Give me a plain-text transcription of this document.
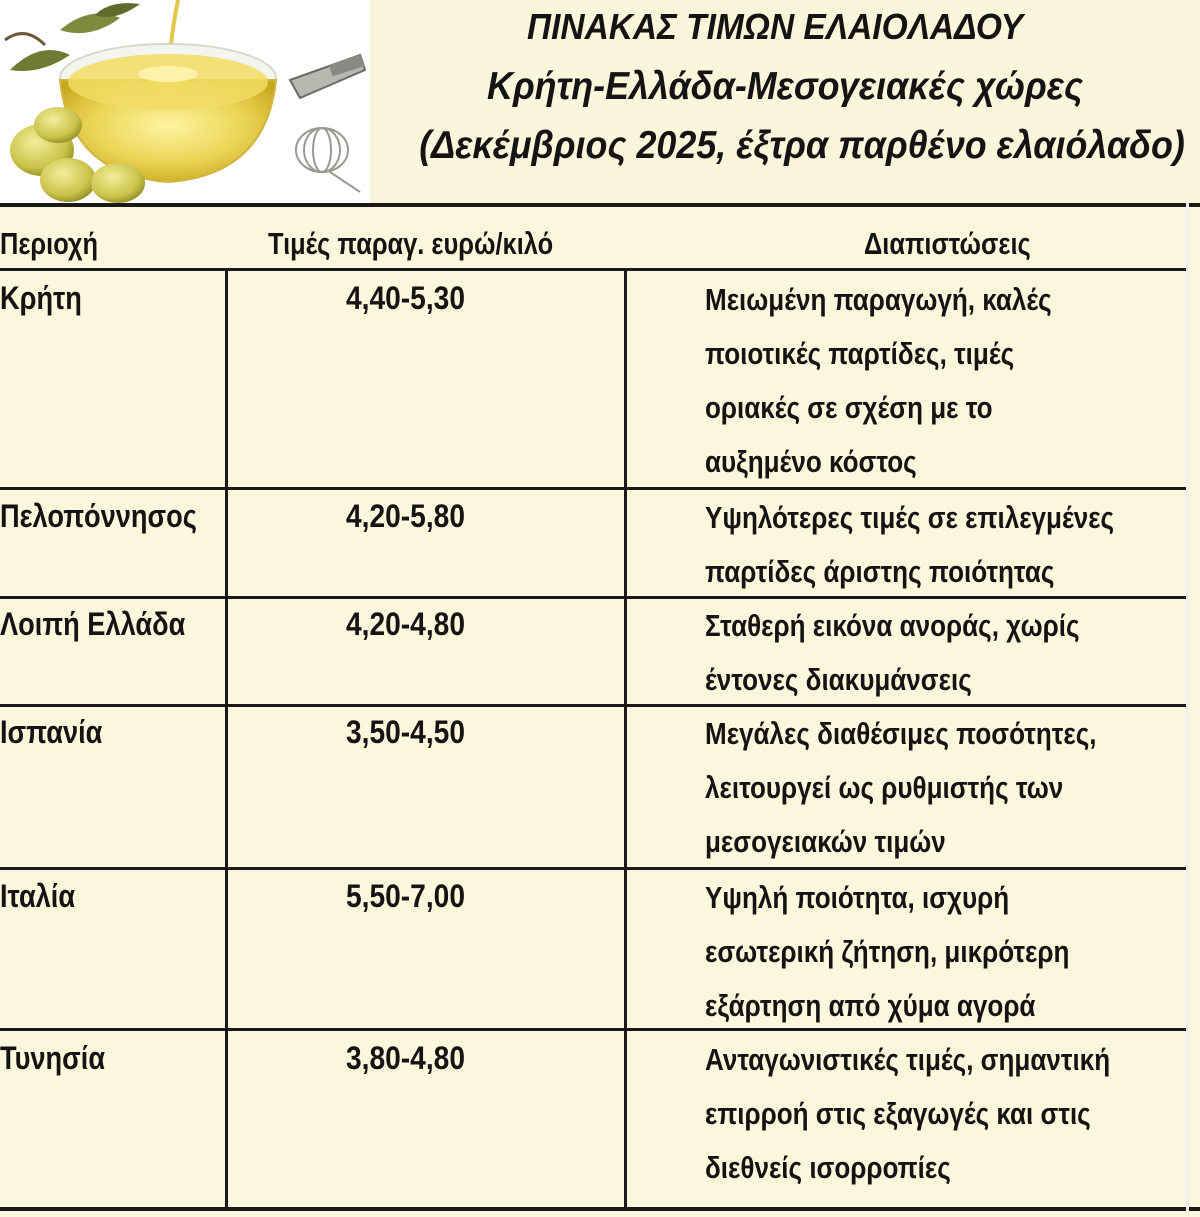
ΠΙΝΑΚΑΣ ΤΙΜΩΝ ΕΛΑΙΟΛΑΔΟΥ
Κρήτη-Ελλάδα-Μεσογειακές χώρες
(Δεκέμβριος 2025, έξτρα παρθένο ελαιόλαδο)
Περιοχή	Τιμές παραγ. ευρώ/κιλό	Διαπιστώσεις
Κρήτη	4,40-5,30	Μειωμένη παραγωγή, καλές
ποιοτικές παρτίδες, τιμές
οριακές σε σχέση με το
αυξημένο κόστος
Πελοπόννησος	4,20-5,80	Υψηλότερες τιμές σε επιλεγμένες
παρτίδες άριστης ποιότητας
Λοιπή Ελλάδα	4,20-4,80	Σταθερή εικόνα ανοράς, χωρίς
έντονες διακυμάνσεις
Ισπανία	3,50-4,50	Μεγάλες διαθέσιμες ποσότητες,
λειτουργεί ως ρυθμιστής των
μεσογειακών τιμών
Ιταλία	5,50-7,00	Υψηλή ποιότητα, ισχυρή
εσωτερική ζήτηση, μικρότερη
εξάρτηση από χύμα αγορά
Τυνησία	3,80-4,80	Ανταγωνιστικές τιμές, σημαντική
επιρροή στις εξαγωγές και στις
διεθνείς ισορροπίες
